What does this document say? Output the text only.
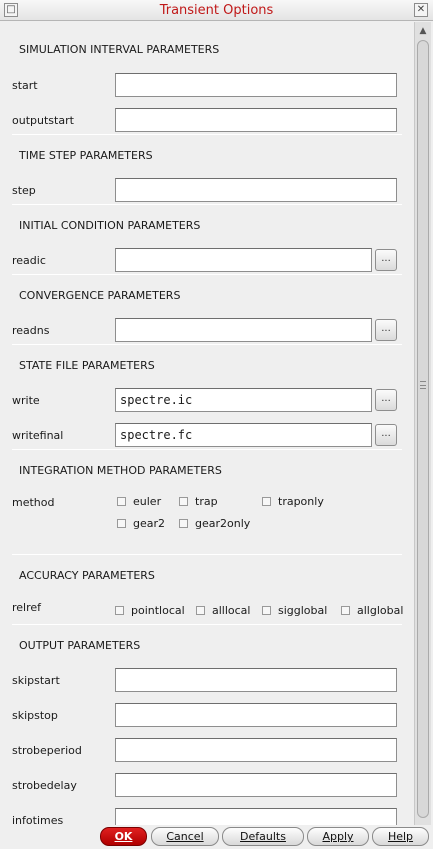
□	Transient Options	✕
SIMULATION INTERVAL PARAMETERS
start
outputstart
TIME STEP PARAMETERS
step
INITIAL CONDITION PARAMETERS
readic	...
CONVERGENCE PARAMETERS
readns	...
STATE FILE PARAMETERS
write	spectre.ic	...
writefinal	spectre.fc	...
INTEGRATION METHOD PARAMETERS
method	euler	trap	traponly
gear2	gear2only
ACCURACY PARAMETERS
relref	pointlocal	alllocal	sigglobal	allglobal
OUTPUT PARAMETERS
skipstart
skipstop
strobeperiod
strobedelay
infotimes
▲
OK	Cancel	Defaults	Apply	Help
